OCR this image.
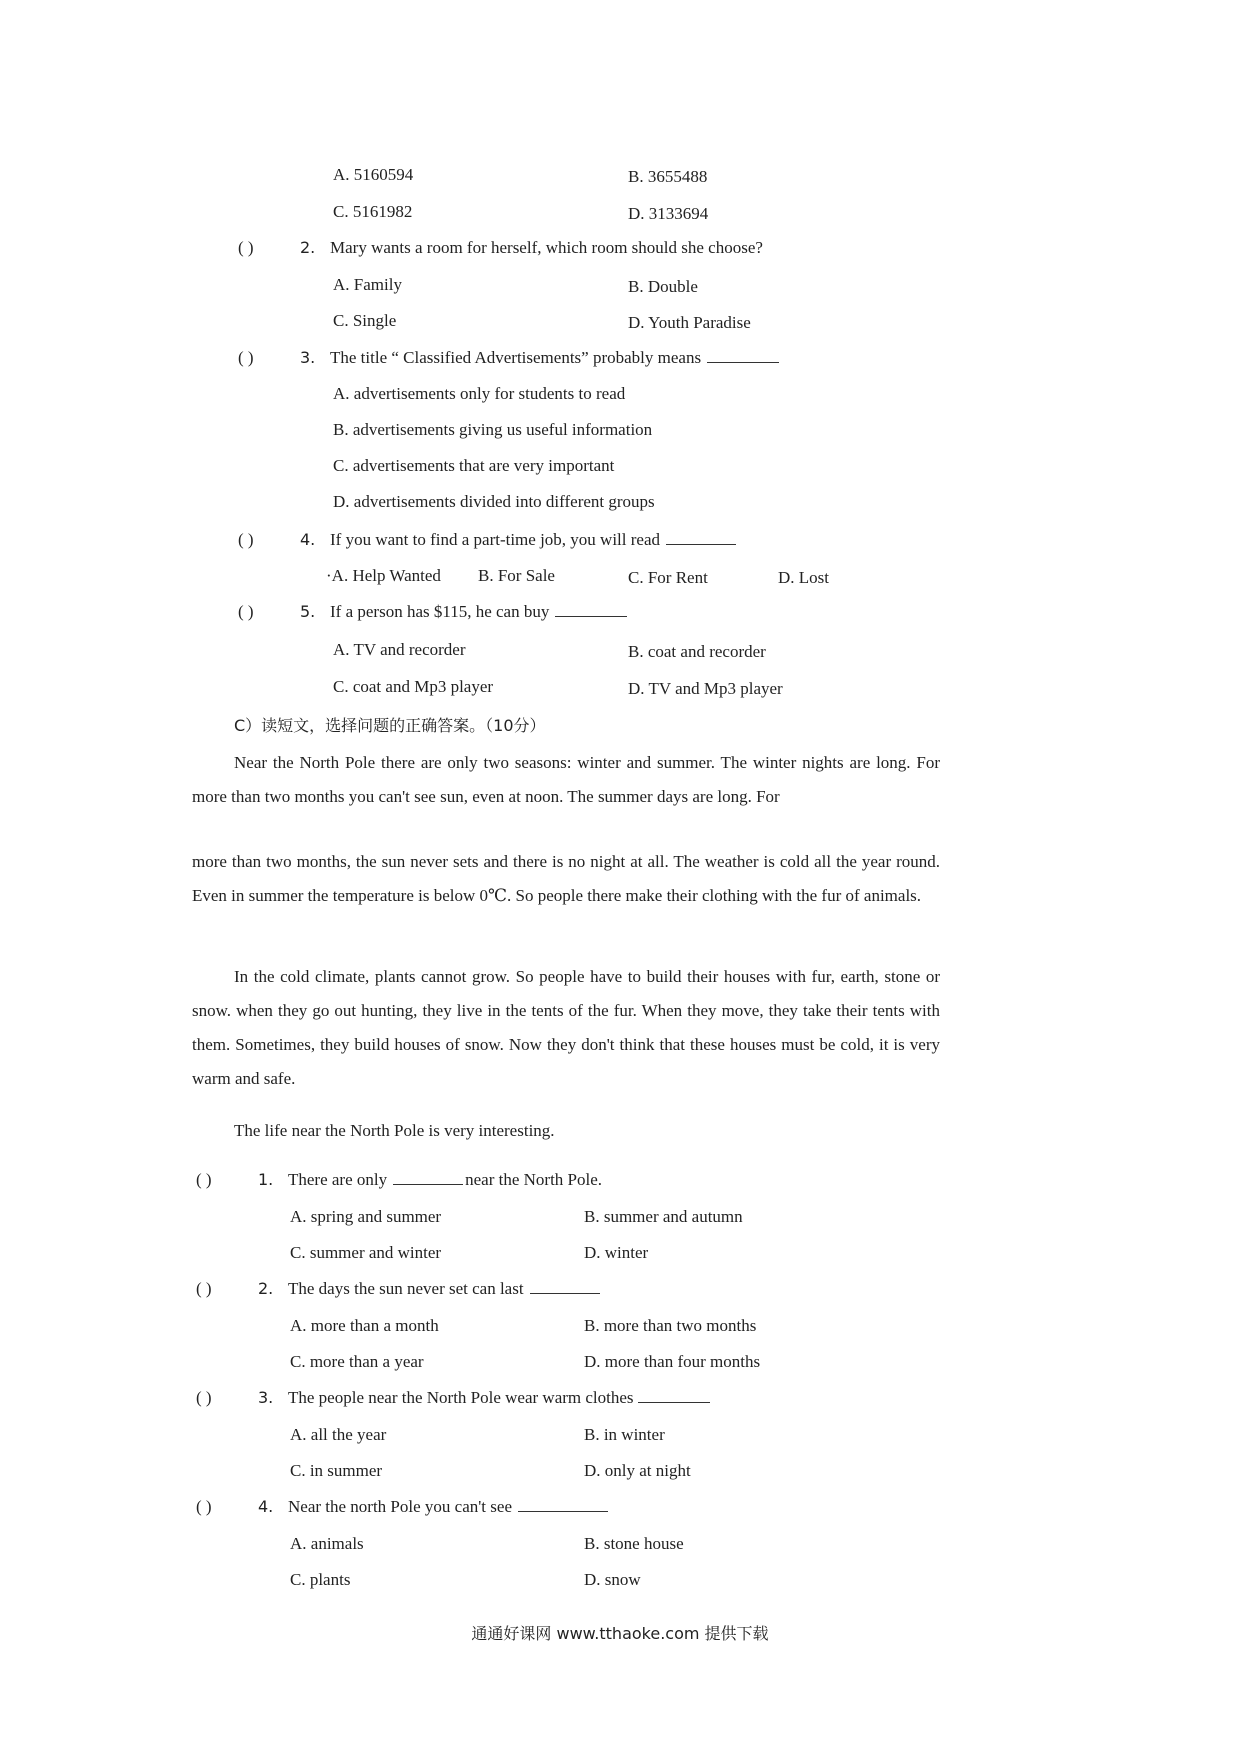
A. 5160594	B. 3655488
C. 5161982	D. 3133694
( )	2. Mary wants a room for herself, which room should she choose?
A. Family	B. Double
C. Single	D. Youth Paradise
( )	3. The title “ Classified Advertisements” probably means
A. advertisements only for students to read
B. advertisements giving us useful information
C. advertisements that are very important
D. advertisements divided into different groups
( )	4. If you want to find a part-time job, you will read
·A. Help Wanted B. For Sale	C. For Rent	D. Lost
( )	5. If a person has $115, he can buy
A. TV and recorder	B. coat and recorder
C. coat and Mp3 player	D. TV and Mp3 player
C）读短文，选择问题的正确答案。（10分）
Near the North Pole there are only two seasons: winter and summer. The winter nights are long. For more than two months you can't see sun, even at noon. The summer days are long. For
more than two months, the sun never sets and there is no night at all. The weather is cold all the year round. Even in summer the temperature is below 0℃. So people there make their clothing with the fur of animals.
In the cold climate, plants cannot grow. So people have to build their houses with fur, earth, stone or snow. when they go out hunting, they live in the tents of the fur. When they move, they take their tents with them. Sometimes, they build houses of snow. Now they don't think that these houses must be cold, it is very warm and safe.
The life near the North Pole is very interesting.
( )	1. There are only	near the North Pole.
A. spring and summer	B. summer and autumn
C. summer and winter	D. winter
( )	2. The days the sun never set can last
A. more than a month	B. more than two months
C. more than a year	D. more than four months
( )	3. The people near the North Pole wear warm clothes
A. all the year	B. in winter
C. in summer	D. only at night
( )	4. Near the north Pole you can't see
A. animals	B. stone house
C. plants	D. snow
通通好课网 www.tthaoke.com 提供下载
